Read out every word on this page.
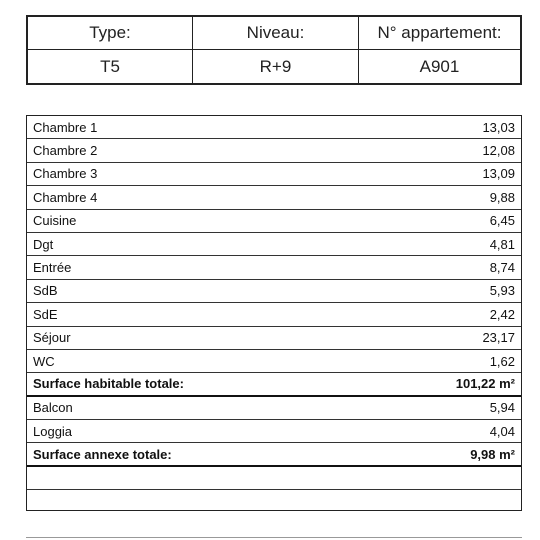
Type:	Niveau:	N° appartement:
T5	R+9	A901
Chambre 1	13,03
Chambre 2	12,08
Chambre 3	13,09
Chambre 4	9,88
Cuisine	6,45
Dgt	4,81
Entrée	8,74
SdB	5,93
SdE	2,42
Séjour	23,17
WC	1,62
Surface habitable totale:	101,22 m²
Balcon	5,94
Loggia	4,04
Surface annexe totale:	9,98 m²
